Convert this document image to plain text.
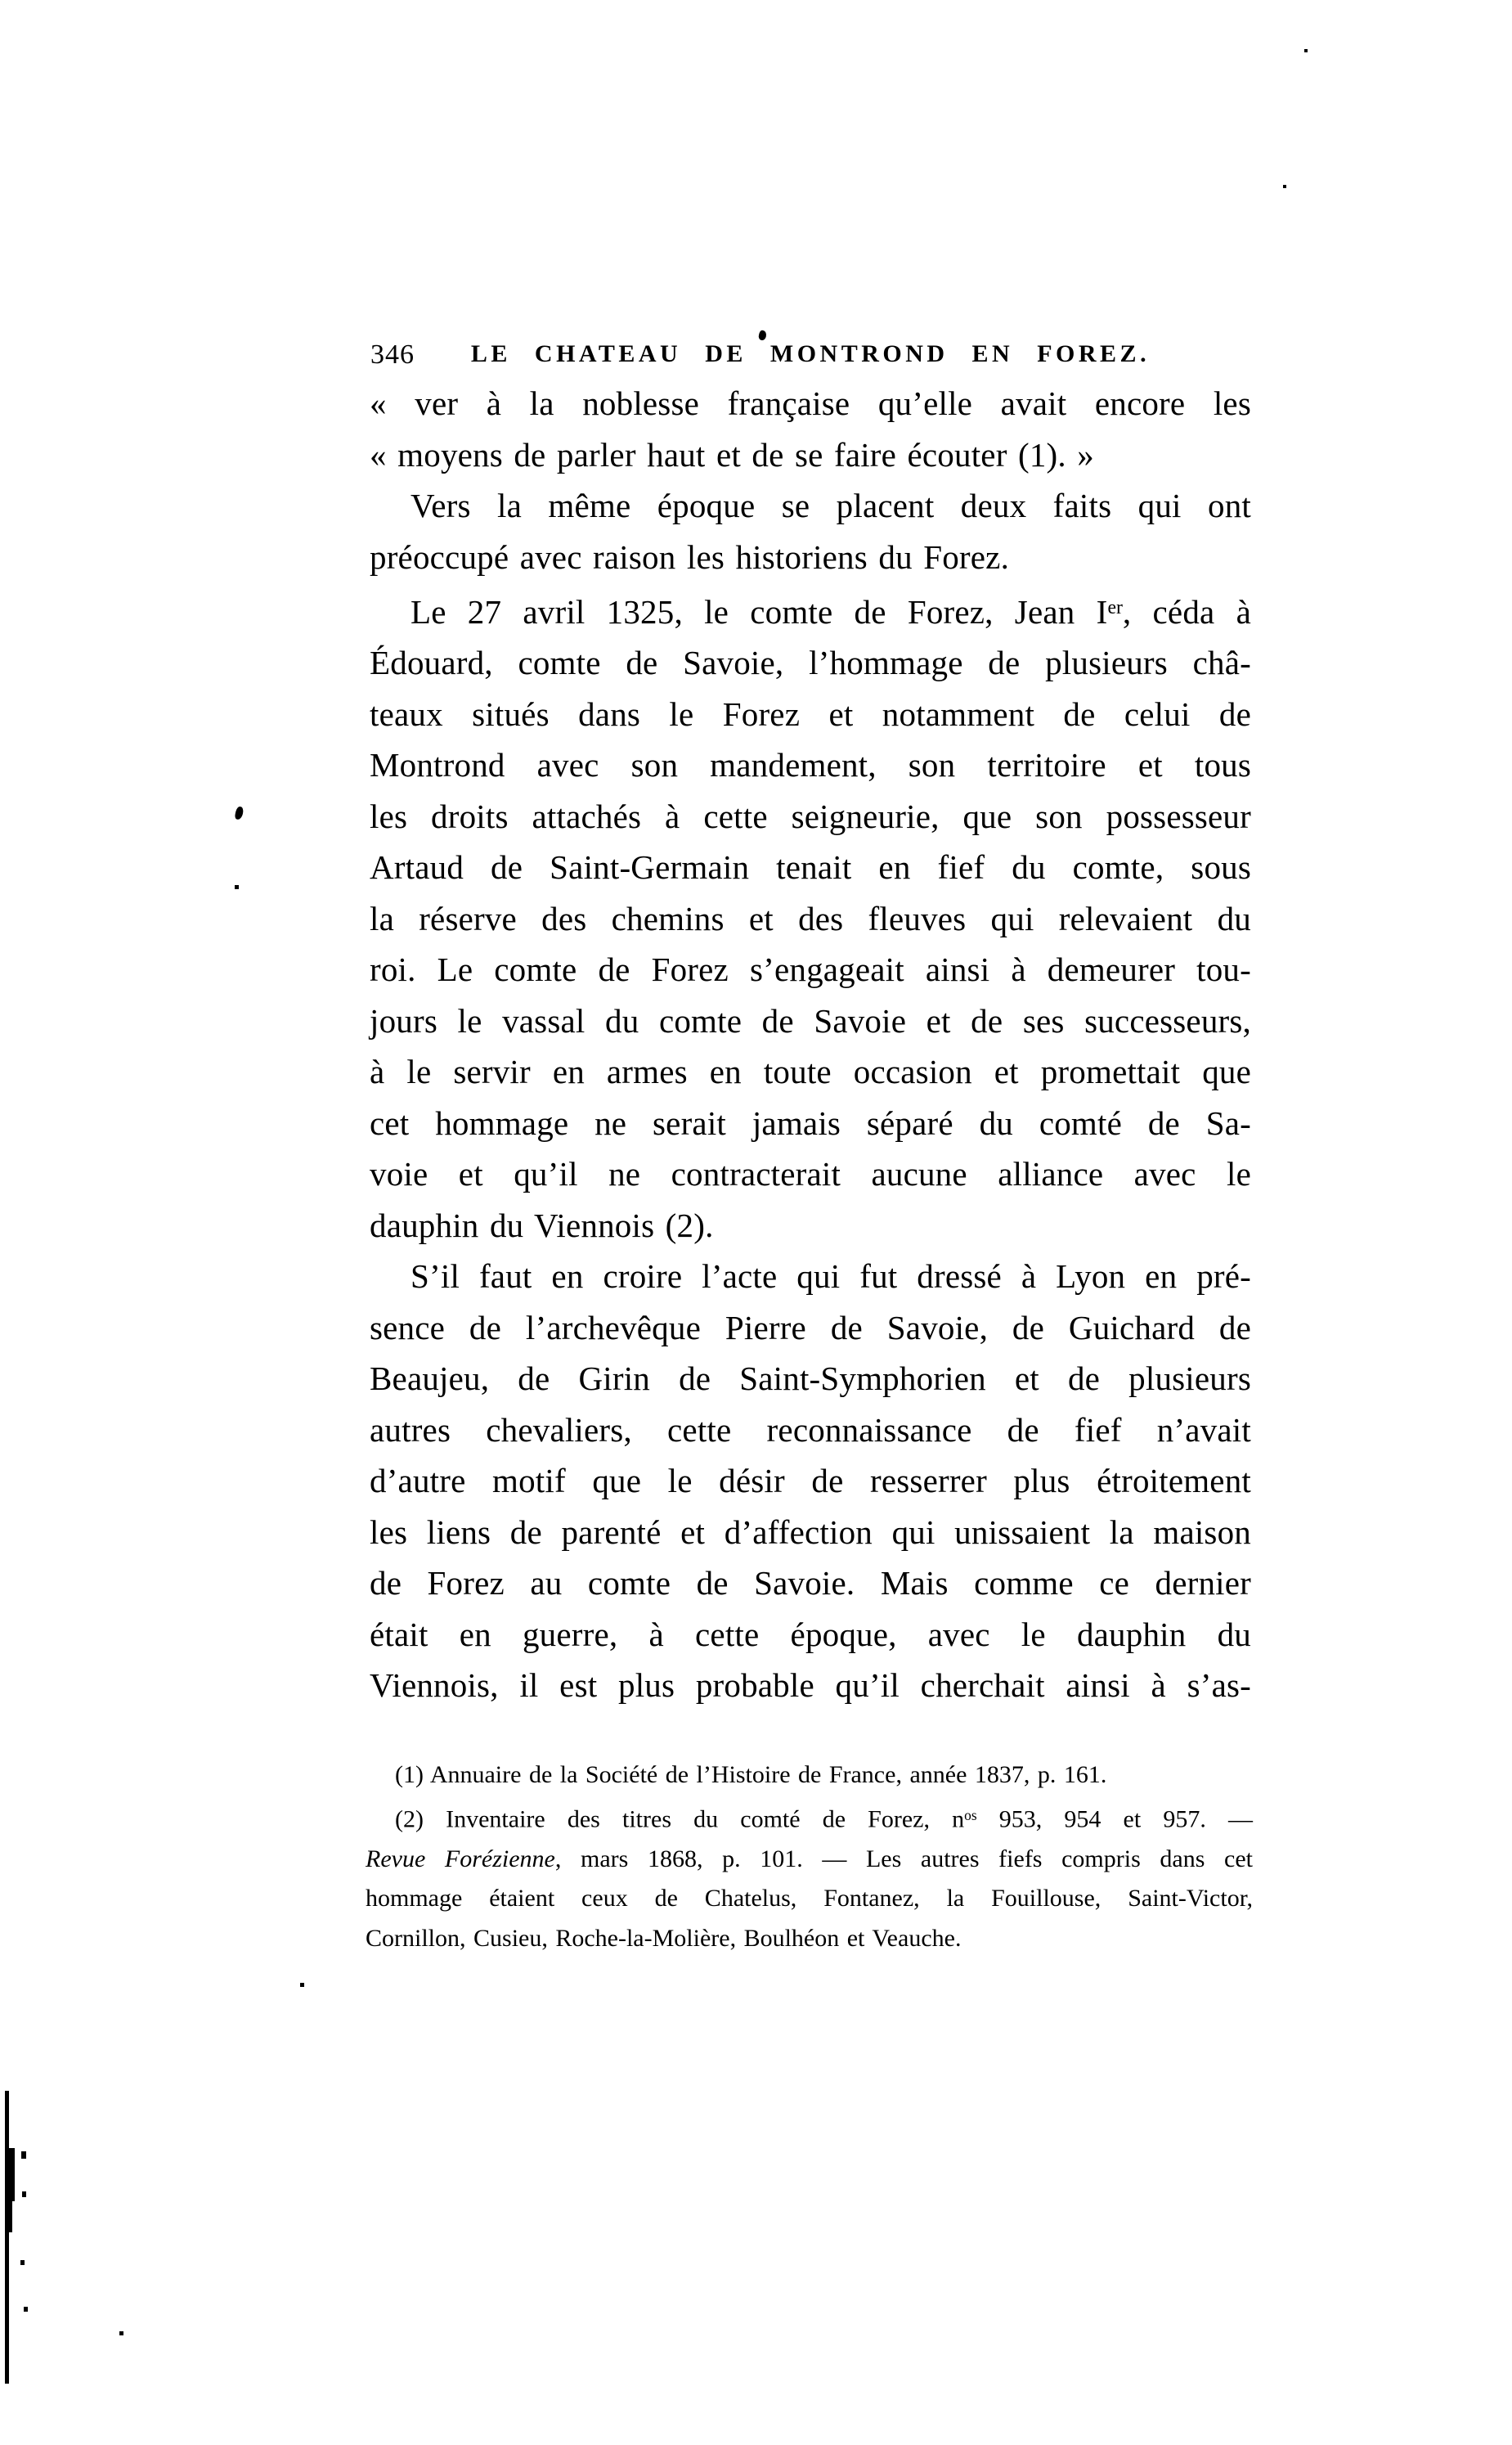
346	LE CHATEAU DE MONTROND EN FOREZ.
« ver à la noblesse française qu’elle avait encore les
« moyens de parler haut et de se faire écouter (1). »
Vers la même époque se placent deux faits qui ont
préoccupé avec raison les historiens du Forez.
Le 27 avril 1325, le comte de Forez, Jean Ier, céda à
Édouard, comte de Savoie, l’hommage de plusieurs châ-
teaux situés dans le Forez et notamment de celui de
Montrond avec son mandement, son territoire et tous
les droits attachés à cette seigneurie, que son possesseur
Artaud de Saint-Germain tenait en fief du comte, sous
la réserve des chemins et des fleuves qui relevaient du
roi. Le comte de Forez s’engageait ainsi à demeurer tou-
jours le vassal du comte de Savoie et de ses successeurs,
à le servir en armes en toute occasion et promettait que
cet hommage ne serait jamais séparé du comté de Sa-
voie et qu’il ne contracterait aucune alliance avec le
dauphin du Viennois (2).
S’il faut en croire l’acte qui fut dressé à Lyon en pré-
sence de l’archevêque Pierre de Savoie, de Guichard de
Beaujeu, de Girin de Saint-Symphorien et de plusieurs
autres chevaliers, cette reconnaissance de fief n’avait
d’autre motif que le désir de resserrer plus étroitement
les liens de parenté et d’affection qui unissaient la maison
de Forez au comte de Savoie. Mais comme ce dernier
était en guerre, à cette époque, avec le dauphin du
Viennois, il est plus probable qu’il cherchait ainsi à s’as-
(1) Annuaire de la Société de l’Histoire de France, année 1837, p. 161.
(2) Inventaire des titres du comté de Forez, $n^{os}$ 953, 954 et 957. —
Revue Forézienne, mars 1868, p. 101. — Les autres fiefs compris dans cet
hommage étaient ceux de Chatelus, Fontanez, la Fouillouse, Saint-Victor,
Cornillon, Cusieu, Roche-la-Molière, Boulhéon et Veauche.
